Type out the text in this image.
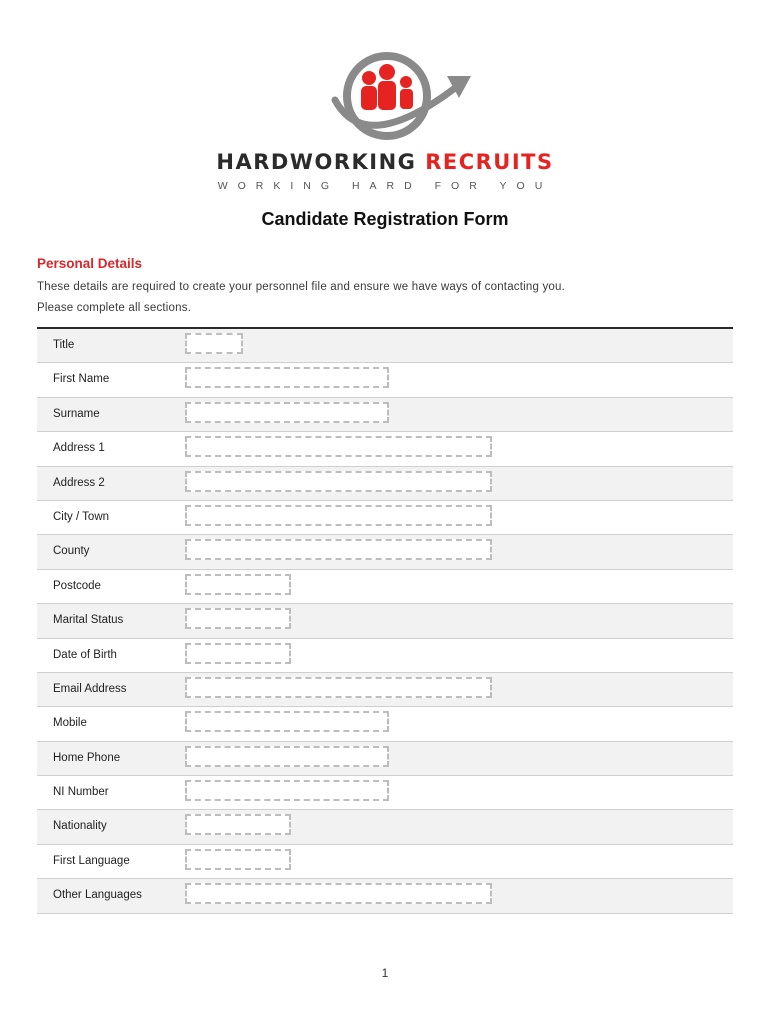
HARDWORKING RECRUITS
WORKING HARD FOR YOU
Candidate Registration Form
Personal Details
These details are required to create your personnel file and ensure we have ways of contacting you.
Please complete all sections.
Title
First Name
Surname
Address 1
Address 2
City / Town
County
Postcode
Marital Status
Date of Birth
Email Address
Mobile
Home Phone
NI Number
Nationality
First Language
Other Languages
1
